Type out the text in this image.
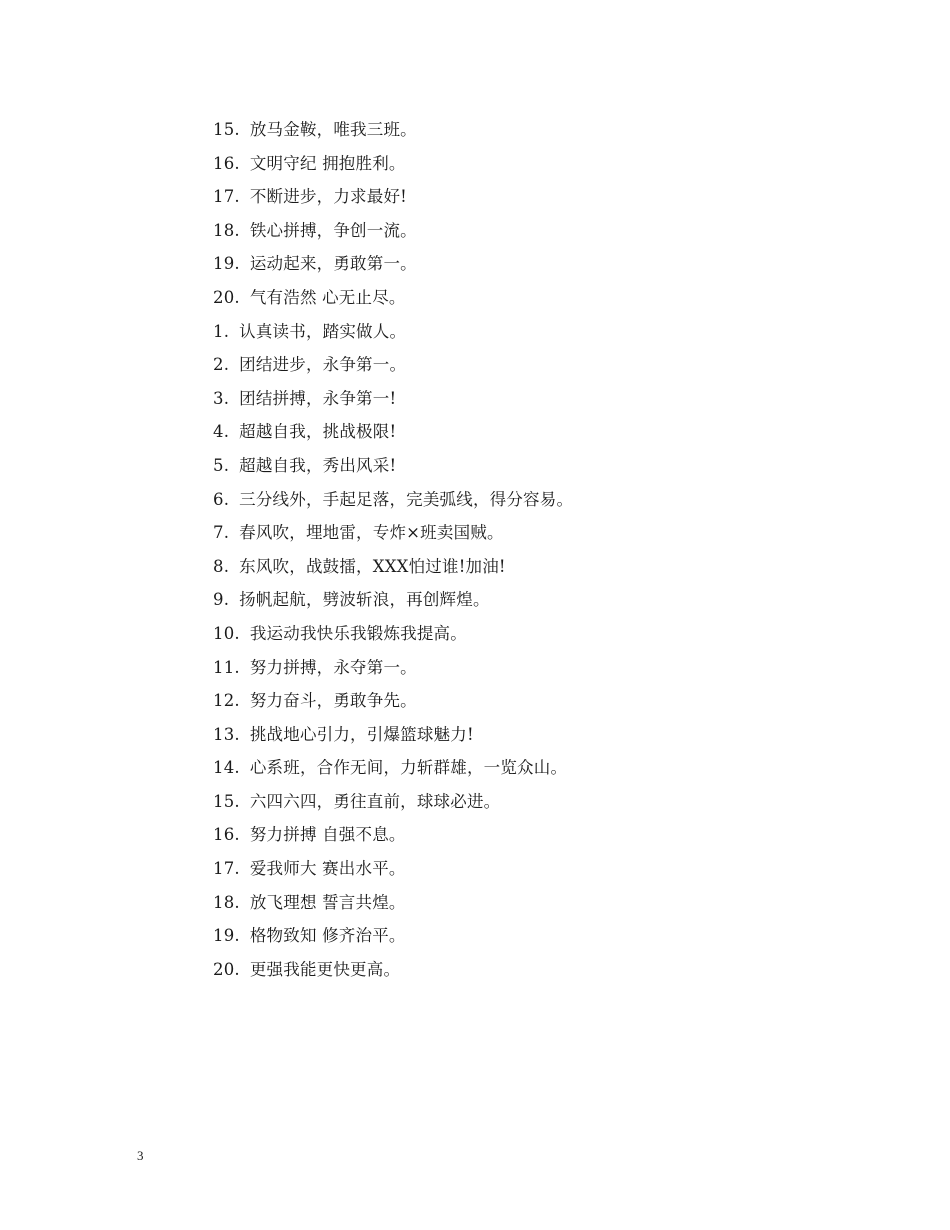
15. 放马金鞍，唯我三班。
16. 文明守纪 拥抱胜利。
17. 不断进步，力求最好!
18. 铁心拼搏，争创一流。
19. 运动起来，勇敢第一。
20. 气有浩然 心无止尽。
1. 认真读书，踏实做人。
2. 团结进步，永争第一。
3. 团结拼搏，永争第一!
4. 超越自我，挑战极限!
5. 超越自我，秀出风采!
6. 三分线外，手起足落，完美弧线，得分容易。
7. 春风吹，埋地雷，专炸×班卖国贼。
8. 东风吹，战鼓擂，XXX怕过谁!加油!
9. 扬帆起航，劈波斩浪，再创辉煌。
10. 我运动我快乐我锻炼我提高。
11. 努力拼搏，永夺第一。
12. 努力奋斗，勇敢争先。
13. 挑战地心引力，引爆篮球魅力!
14. 心系班，合作无间，力斩群雄，一览众山。
15. 六四六四，勇往直前，球球必进。
16. 努力拼搏 自强不息。
17. 爱我师大 赛出水平。
18. 放飞理想 誓言共煌。
19. 格物致知 修齐治平。
20. 更强我能更快更高。
3
